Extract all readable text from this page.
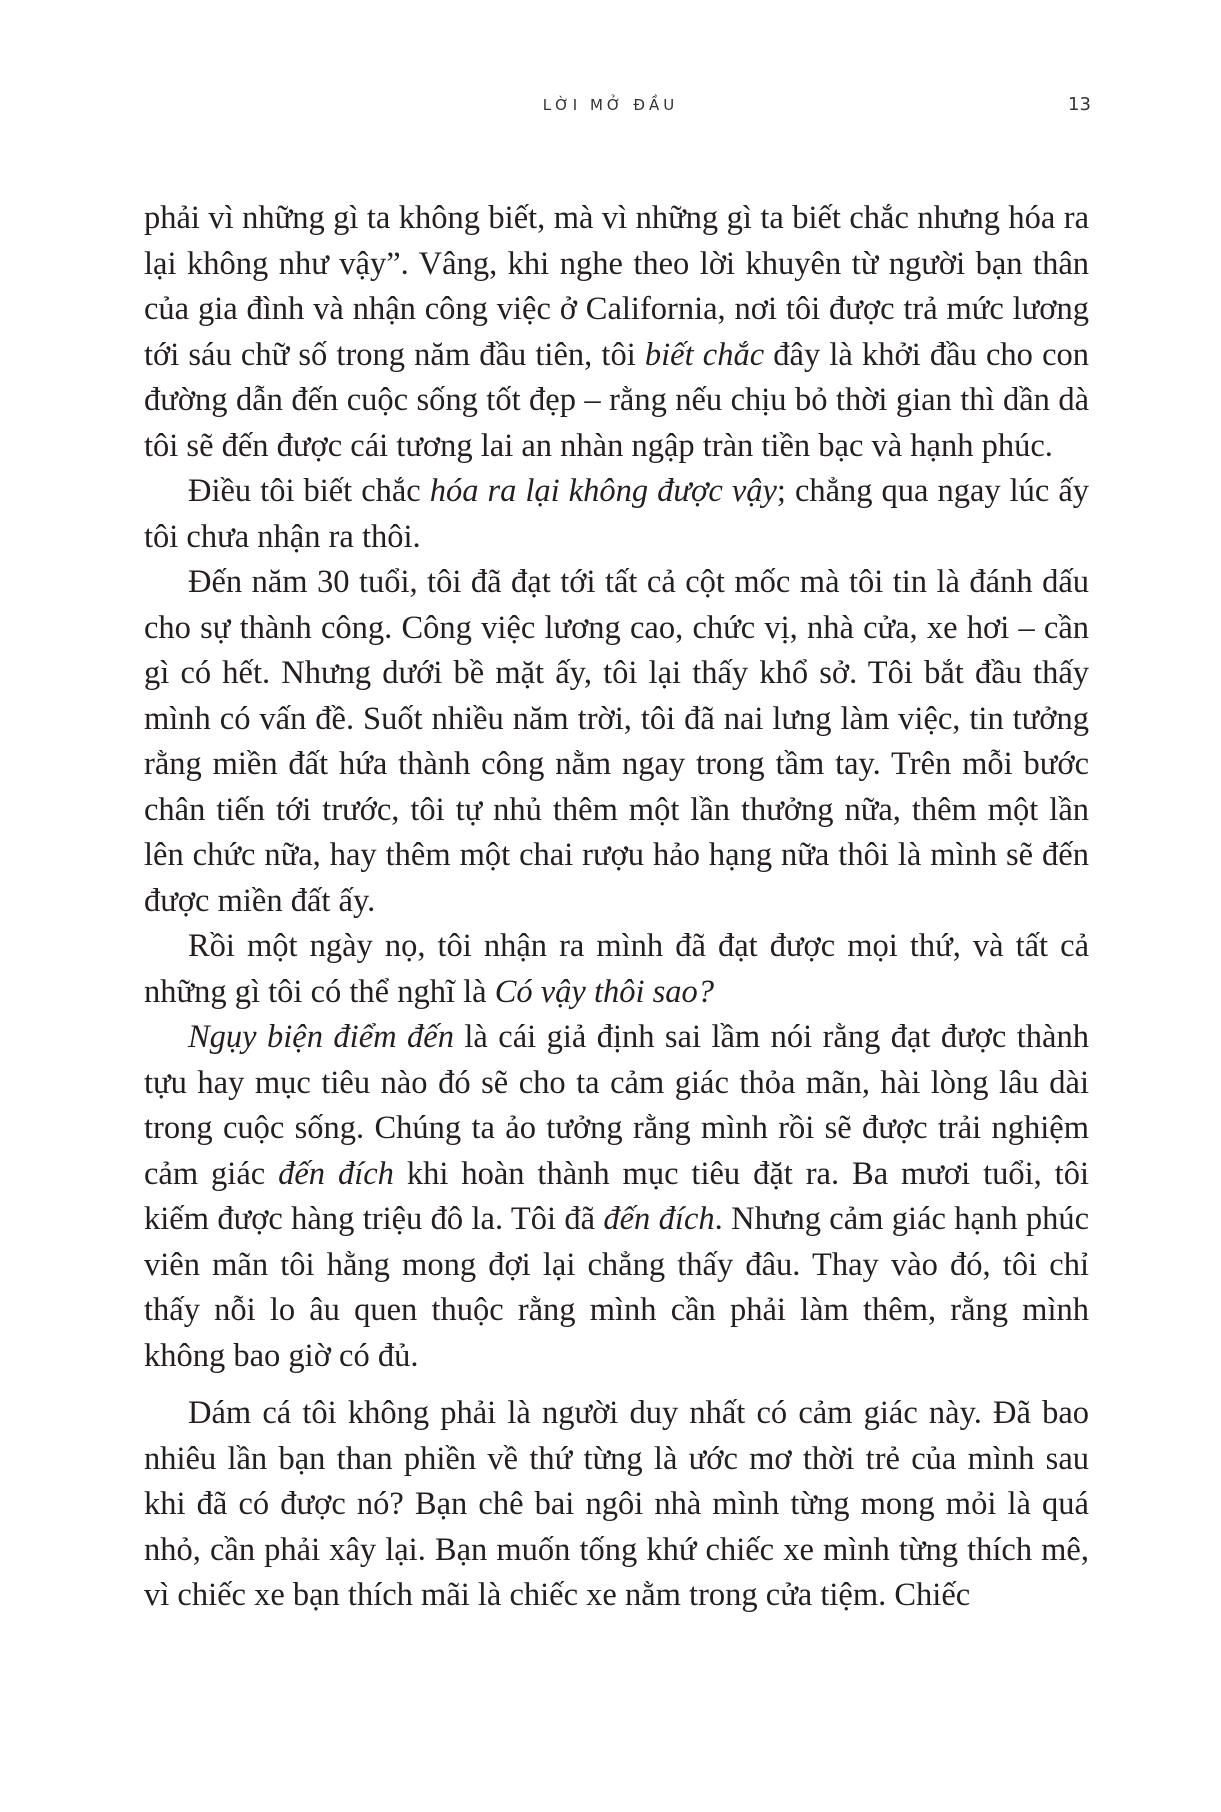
LỜI MỞ ĐẦU	13

phải vì những gì ta không biết, mà vì những gì ta biết chắc nhưng hóa ra lại không như vậy”. Vâng, khi nghe theo lời khuyên từ người bạn thân của gia đình và nhận công việc ở California, nơi tôi được trả mức lương tới sáu chữ số trong năm đầu tiên, tôi biết chắc đây là khởi đầu cho con đường dẫn đến cuộc sống tốt đẹp – rằng nếu chịu bỏ thời gian thì dần dà tôi sẽ đến được cái tương lai an nhàn ngập tràn tiền bạc và hạnh phúc.

Điều tôi biết chắc hóa ra lại không được vậy; chẳng qua ngay lúc ấy tôi chưa nhận ra thôi.

Đến năm 30 tuổi, tôi đã đạt tới tất cả cột mốc mà tôi tin là đánh dấu cho sự thành công. Công việc lương cao, chức vị, nhà cửa, xe hơi – cần gì có hết. Nhưng dưới bề mặt ấy, tôi lại thấy khổ sở. Tôi bắt đầu thấy mình có vấn đề. Suốt nhiều năm trời, tôi đã nai lưng làm việc, tin tưởng rằng miền đất hứa thành công nằm ngay trong tầm tay. Trên mỗi bước chân tiến tới trước, tôi tự nhủ thêm một lần thưởng nữa, thêm một lần lên chức nữa, hay thêm một chai rượu hảo hạng nữa thôi là mình sẽ đến được miền đất ấy.

Rồi một ngày nọ, tôi nhận ra mình đã đạt được mọi thứ, và tất cả những gì tôi có thể nghĩ là Có vậy thôi sao?

Ngụy biện điểm đến là cái giả định sai lầm nói rằng đạt được thành tựu hay mục tiêu nào đó sẽ cho ta cảm giác thỏa mãn, hài lòng lâu dài trong cuộc sống. Chúng ta ảo tưởng rằng mình rồi sẽ được trải nghiệm cảm giác đến đích khi hoàn thành mục tiêu đặt ra. Ba mươi tuổi, tôi kiếm được hàng triệu đô la. Tôi đã đến đích. Nhưng cảm giác hạnh phúc viên mãn tôi hằng mong đợi lại chẳng thấy đâu. Thay vào đó, tôi chỉ thấy nỗi lo âu quen thuộc rằng mình cần phải làm thêm, rằng mình không bao giờ có đủ.

Dám cá tôi không phải là người duy nhất có cảm giác này. Đã bao nhiêu lần bạn than phiền về thứ từng là ước mơ thời trẻ của mình sau khi đã có được nó? Bạn chê bai ngôi nhà mình từng mong mỏi là quá nhỏ, cần phải xây lại. Bạn muốn tống khứ chiếc xe mình từng thích mê, vì chiếc xe bạn thích mãi là chiếc xe nằm trong cửa tiệm. Chiếc
